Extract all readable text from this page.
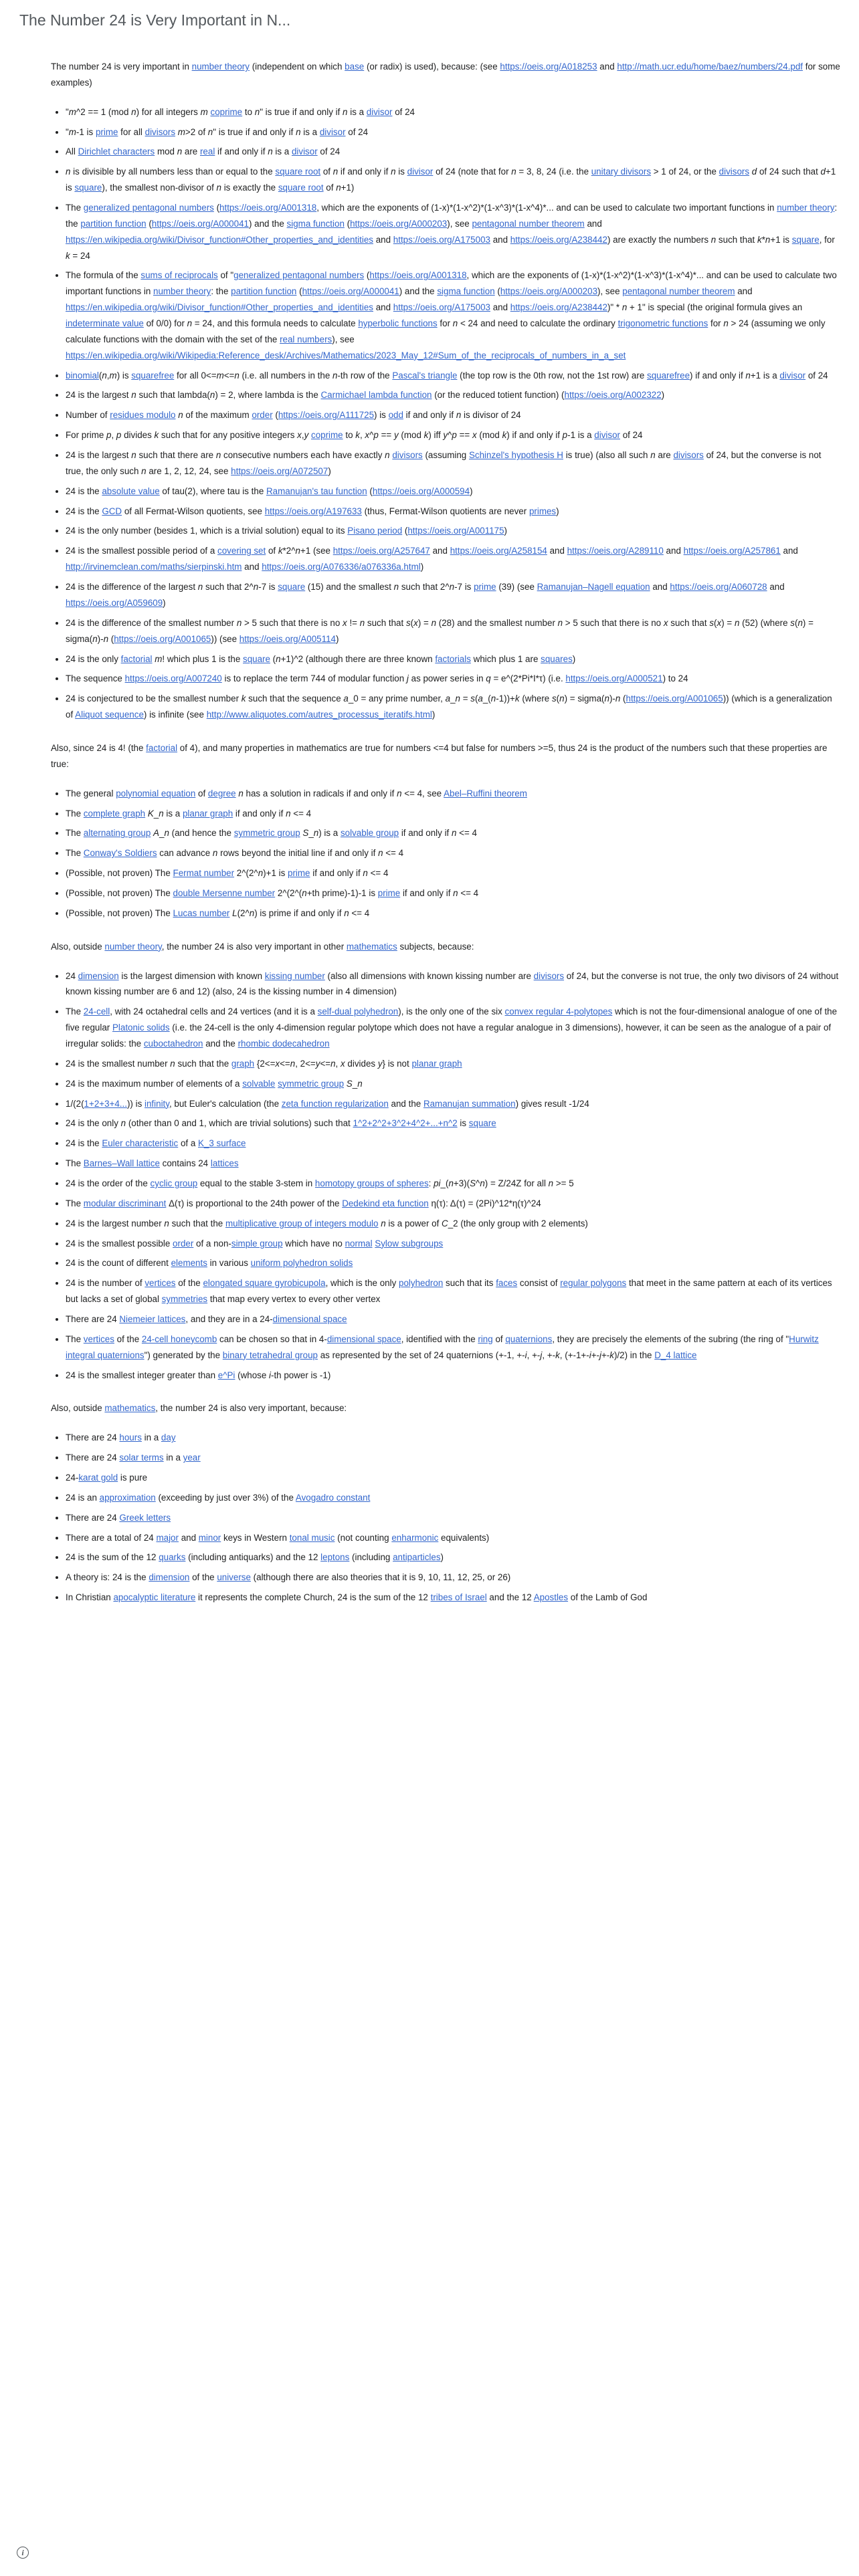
The Number 24 is Very Important in N...

The number 24 is very important in number theory (independent on which base (or radix) is used), because: (see https://oeis.org/A018253 and http://math.ucr.edu/home/baez/numbers/24.pdf for some examples)

• "m^2 == 1 (mod n) for all integers m coprime to n" is true if and only if n is a divisor of 24
• "m-1 is prime for all divisors m>2 of n" is true if and only if n is a divisor of 24
• All Dirichlet characters mod n are real if and only if n is a divisor of 24
• n is divisible by all numbers less than or equal to the square root of n if and only if n is divisor of 24 (note that for n = 3, 8, 24 (i.e. the unitary divisors > 1 of 24, or the divisors d of 24 such that d+1 is square), the smallest non-divisor of n is exactly the square root of n+1)
• The generalized pentagonal numbers (https://oeis.org/A001318, which are the exponents of (1-x)*(1-x^2)*(1-x^3)*(1-x^4)*... and can be used to calculate two important functions in number theory: the partition function (https://oeis.org/A000041) and the sigma function (https://oeis.org/A000203), see pentagonal number theorem and https://en.wikipedia.org/wiki/Divisor_function#Other_properties_and_identities and https://oeis.org/A175003 and https://oeis.org/A238442) are exactly the numbers n such that k*n+1 is square, for k = 24
• The formula of the sums of reciprocals of "generalized pentagonal numbers (https://oeis.org/A001318, which are the exponents of (1-x)*(1-x^2)*(1-x^3)*(1-x^4)*... and can be used to calculate two important functions in number theory: the partition function (https://oeis.org/A000041) and the sigma function (https://oeis.org/A000203), see pentagonal number theorem and https://en.wikipedia.org/wiki/Divisor_function#Other_properties_and_identities and https://oeis.org/A175003 and https://oeis.org/A238442)" * n + 1" is special (the original formula gives an indeterminate value of 0/0) for n = 24, and this formula needs to calculate hyperbolic functions for n < 24 and need to calculate the ordinary trigonometric functions for n > 24 (assuming we only calculate functions with the domain with the set of the real numbers), see https://en.wikipedia.org/wiki/Wikipedia:Reference_desk/Archives/Mathematics/2023_May_12#Sum_of_the_reciprocals_of_numbers_in_a_set
• binomial(n,m) is squarefree for all 0<=m<=n (i.e. all numbers in the n-th row of the Pascal's triangle (the top row is the 0th row, not the 1st row) are squarefree) if and only if n+1 is a divisor of 24
• 24 is the largest n such that lambda(n) = 2, where lambda is the Carmichael lambda function (or the reduced totient function) (https://oeis.org/A002322)
• Number of residues modulo n of the maximum order (https://oeis.org/A111725) is odd if and only if n is divisor of 24
• For prime p, p divides k such that for any positive integers x,y coprime to k, x^p == y (mod k) iff y^p == x (mod k) if and only if p-1 is a divisor of 24
• 24 is the largest n such that there are n consecutive numbers each have exactly n divisors (assuming Schinzel's hypothesis H is true) (also all such n are divisors of 24, but the converse is not true, the only such n are 1, 2, 12, 24, see https://oeis.org/A072507)
• 24 is the absolute value of tau(2), where tau is the Ramanujan's tau function (https://oeis.org/A000594)
• 24 is the GCD of all Fermat-Wilson quotients, see https://oeis.org/A197633 (thus, Fermat-Wilson quotients are never primes)
• 24 is the only number (besides 1, which is a trivial solution) equal to its Pisano period (https://oeis.org/A001175)
• 24 is the smallest possible period of a covering set of k*2^n+1 (see https://oeis.org/A257647 and https://oeis.org/A258154 and https://oeis.org/A289110 and https://oeis.org/A257861 and http://irvinemclean.com/maths/sierpinski.htm and https://oeis.org/A076336/a076336a.html)
• 24 is the difference of the largest n such that 2^n-7 is square (15) and the smallest n such that 2^n-7 is prime (39) (see Ramanujan–Nagell equation and https://oeis.org/A060728 and https://oeis.org/A059609)
• 24 is the difference of the smallest number n > 5 such that there is no x != n such that s(x) = n (28) and the smallest number n > 5 such that there is no x such that s(x) = n (52) (where s(n) = sigma(n)-n (https://oeis.org/A001065)) (see https://oeis.org/A005114)
• 24 is the only factorial m! which plus 1 is the square (n+1)^2 (although there are three known factorials which plus 1 are squares)
• The sequence https://oeis.org/A007240 is to replace the term 744 of modular function j as power series in q = e^(2*Pi*I*τ) (i.e. https://oeis.org/A000521) to 24
• 24 is conjectured to be the smallest number k such that the sequence a_0 = any prime number, a_n = s(a_(n-1))+k (where s(n) = sigma(n)-n (https://oeis.org/A001065)) (which is a generalization of Aliquot sequence) is infinite (see http://www.aliquotes.com/autres_processus_iteratifs.html)

Also, since 24 is 4! (the factorial of 4), and many properties in mathematics are true for numbers <=4 but false for numbers >=5, thus 24 is the product of the numbers such that these properties are true:

• The general polynomial equation of degree n has a solution in radicals if and only if n <= 4, see Abel–Ruffini theorem
• The complete graph K_n is a planar graph if and only if n <= 4
• The alternating group A_n (and hence the symmetric group S_n) is a solvable group if and only if n <= 4
• The Conway's Soldiers can advance n rows beyond the initial line if and only if n <= 4
• (Possible, not proven) The Fermat number 2^(2^n)+1 is prime if and only if n <= 4
• (Possible, not proven) The double Mersenne number 2^(2^(n+th prime)-1)-1 is prime if and only if n <= 4
• (Possible, not proven) The Lucas number L(2^n) is prime if and only if n <= 4

Also, outside number theory, the number 24 is also very important in other mathematics subjects, because:

• 24 dimension is the largest dimension with known kissing number (also all dimensions with known kissing number are divisors of 24, but the converse is not true, the only two divisors of 24 without known kissing number are 6 and 12) (also, 24 is the kissing number in 4 dimension)
• The 24-cell, with 24 octahedral cells and 24 vertices (and it is a self-dual polyhedron), is the only one of the six convex regular 4-polytopes which is not the four-dimensional analogue of one of the five regular Platonic solids (i.e. the 24-cell is the only 4-dimension regular polytope which does not have a regular analogue in 3 dimensions), however, it can be seen as the analogue of a pair of irregular solids: the cuboctahedron and the rhombic dodecahedron
• 24 is the smallest number n such that the graph {2<=x<=n, 2<=y<=n, x divides y} is not planar graph
• 24 is the maximum number of elements of a solvable symmetric group S_n
• 1/(2(1+2+3+4...)) is infinity, but Euler's calculation (the zeta function regularization and the Ramanujan summation) gives result -1/24
• 24 is the only n (other than 0 and 1, which are trivial solutions) such that 1^2+2^2+3^2+4^2+...+n^2 is square
• 24 is the Euler characteristic of a K_3 surface
• The Barnes–Wall lattice contains 24 lattices
• 24 is the order of the cyclic group equal to the stable 3-stem in homotopy groups of spheres: pi_(n+3)(S^n) = Z/24Z for all n >= 5
• The modular discriminant Δ(τ) is proportional to the 24th power of the Dedekind eta function η(τ): Δ(τ) = (2Pi)^12*η(τ)^24
• 24 is the largest number n such that the multiplicative group of integers modulo n is a power of C_2 (the only group with 2 elements)
• 24 is the smallest possible order of a non-simple group which have no normal Sylow subgroups
• 24 is the count of different elements in various uniform polyhedron solids
• 24 is the number of vertices of the elongated square gyrobicupola, which is the only polyhedron such that its faces consist of regular polygons that meet in the same pattern at each of its vertices but lacks a set of global symmetries that map every vertex to every other vertex
• There are 24 Niemeier lattices, and they are in a 24-dimensional space
• The vertices of the 24-cell honeycomb can be chosen so that in 4-dimensional space, identified with the ring of quaternions, they are precisely the elements of the subring (the ring of "Hurwitz integral quaternions") generated by the binary tetrahedral group as represented by the set of 24 quaternions (+-1, +-i, +-j, +-k, (+-1+-i+-j+-k)/2) in the D_4 lattice
• 24 is the smallest integer greater than e^Pi (whose i-th power is -1)

Also, outside mathematics, the number 24 is also very important, because:

• There are 24 hours in a day
• There are 24 solar terms in a year
• 24-karat gold is pure
• 24 is an approximation (exceeding by just over 3%) of the Avogadro constant
• There are 24 Greek letters
• There are a total of 24 major and minor keys in Western tonal music (not counting enharmonic equivalents)
• 24 is the sum of the 12 quarks (including antiquarks) and the 12 leptons (including antiparticles)
• A theory is: 24 is the dimension of the universe (although there are also theories that it is 9, 10, 11, 12, 25, or 26)
• In Christian apocalyptic literature it represents the complete Church, 24 is the sum of the 12 tribes of Israel and the 12 Apostles of the Lamb of God
i
